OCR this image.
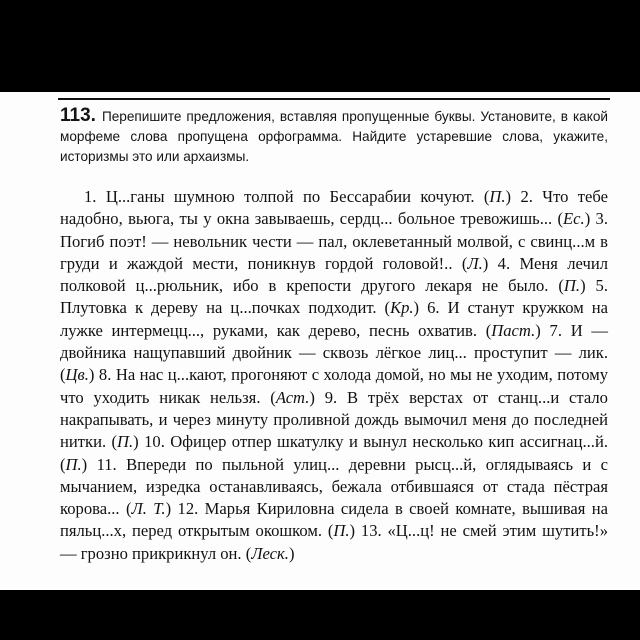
113. Перепишите предложения, вставляя пропущенные буквы. Установите, в какой морфеме слова пропущена орфограмма. Найдите устаревшие слова, укажите, историзмы это или архаизмы.
1. Ц...ганы шумною толпой по Бессарабии кочуют. (П.) 2. Что тебе надобно, вьюга, ты у окна завываешь, сердц... больное тревожишь... (Ес.) 3. Погиб поэт! — невольник чести — пал, оклеветанный молвой, с свинц...м в груди и жаждой мести, поникнув гордой головой!.. (Л.) 4. Меня лечил полковой ц...рюльник, ибо в крепости другого лекаря не было. (П.) 5. Плутовка к дереву на ц...почках подходит. (Кр.) 6. И станут кружком на лужке интермецц..., руками, как дерево, песнь охватив. (Паст.) 7. И — двойника нащупавший двойник — сквозь лёгкое лиц... проступит — лик. (Цв.) 8. На нас ц...кают, прогоняют с холода домой, но мы не уходим, потому что уходить никак нельзя. (Аст.) 9. В трёх верстах от станц...и стало накрапывать, и через минуту проливной дождь вымочил меня до последней нитки. (П.) 10. Офицер отпер шкатулку и вынул несколько кип ассигнац...й. (П.) 11. Впереди по пыльной улиц... деревни рысц...й, оглядываясь и с мычанием, изредка останавливаясь, бежала отбившаяся от стада пёстрая корова... (Л. Т.) 12. Марья Кириловна сидела в своей комнате, вышивая на пяльц...х, перед открытым окошком. (П.) 13. «Ц...ц! не смей этим шутить!» — грозно прикрикнул он. (Леск.)
